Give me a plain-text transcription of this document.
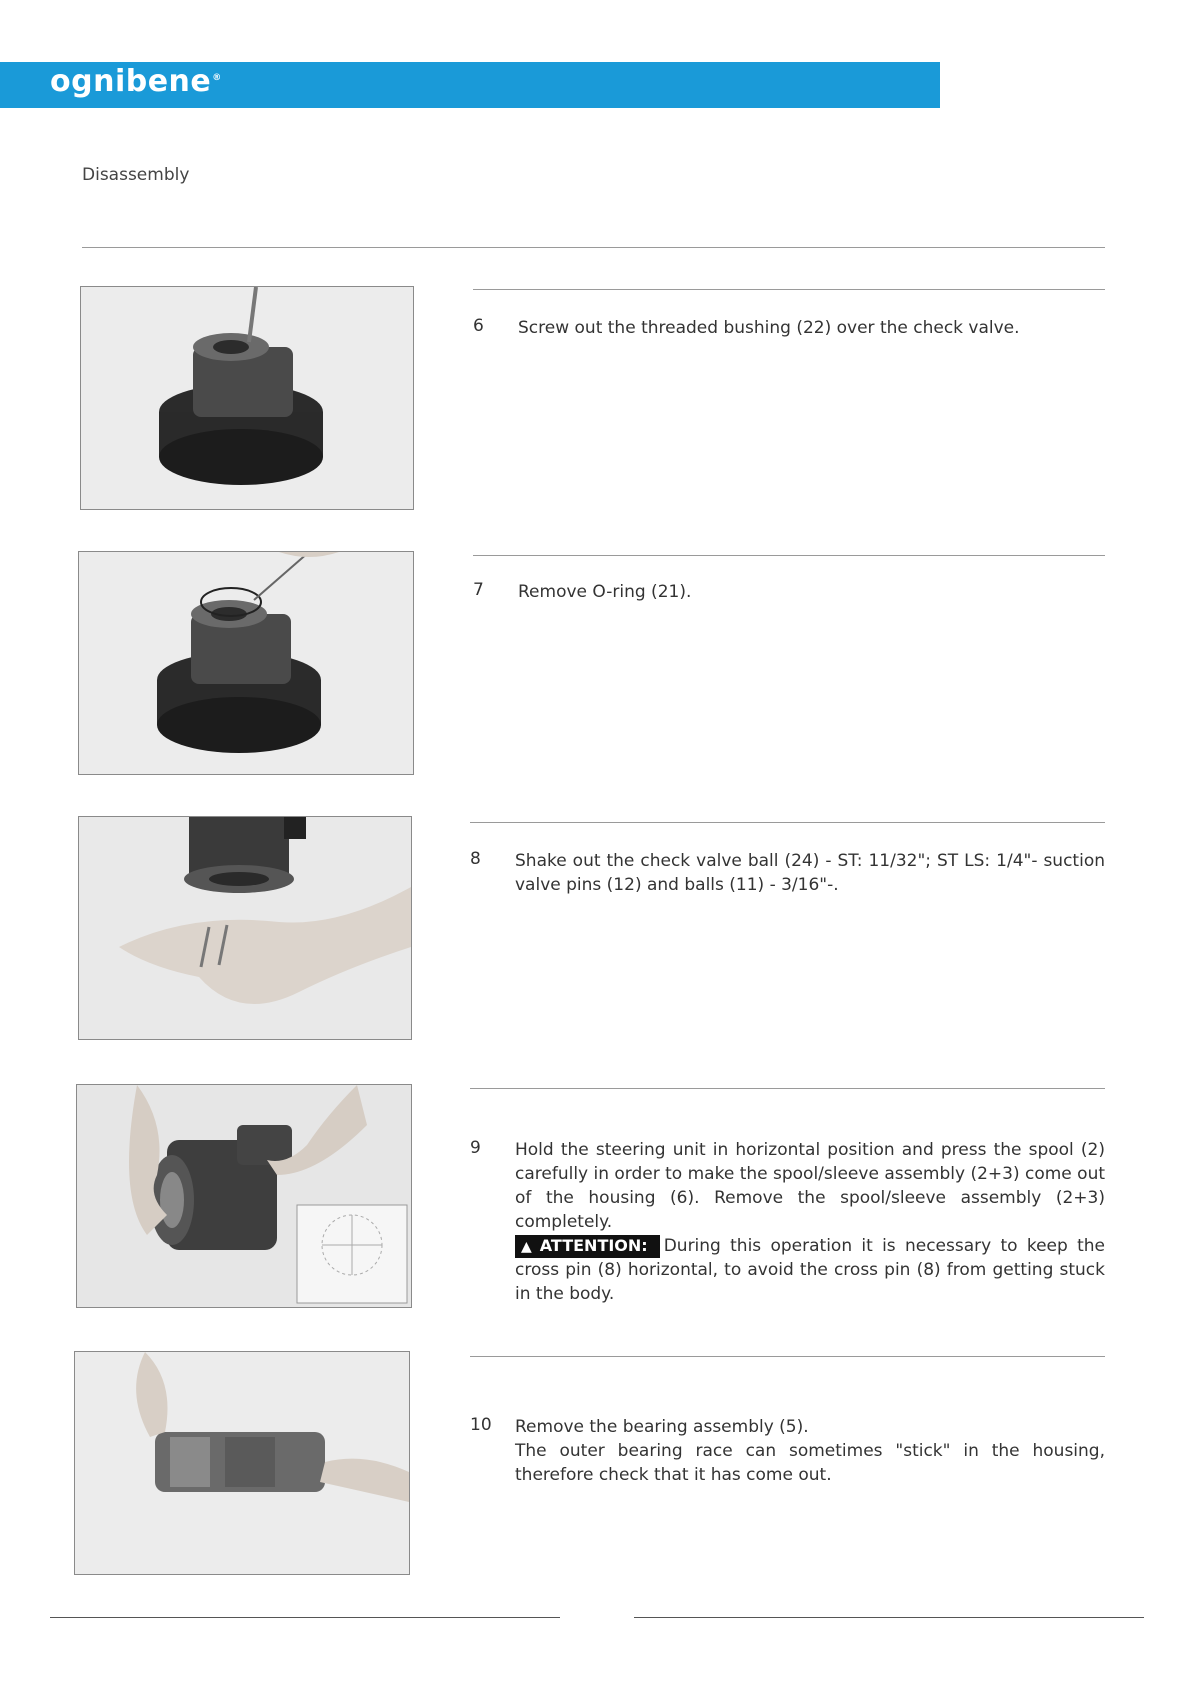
ognibene®
Disassembly
6 Screw out the threaded bushing (22) over the check valve.
7 Remove O-ring (21).
8 Shake out the check valve ball (24) - ST: 11/32"; ST LS: 1/4"- suction valve pins (12) and balls (11) - 3/16"-.
9 Hold the steering unit in horizontal position and press the spool (2) carefully in order to make the spool/sleeve assembly (2+3) come out of the housing (6). Remove the spool/sleeve assembly (2+3) completely.

▲ ATTENTION: During this operation it is necessary to keep the cross pin (8) horizontal, to avoid the cross pin (8) from getting stuck in the body.

10 Remove the bearing assembly (5).

The outer bearing race can sometimes "stick" in the housing, therefore check that it has come out.
